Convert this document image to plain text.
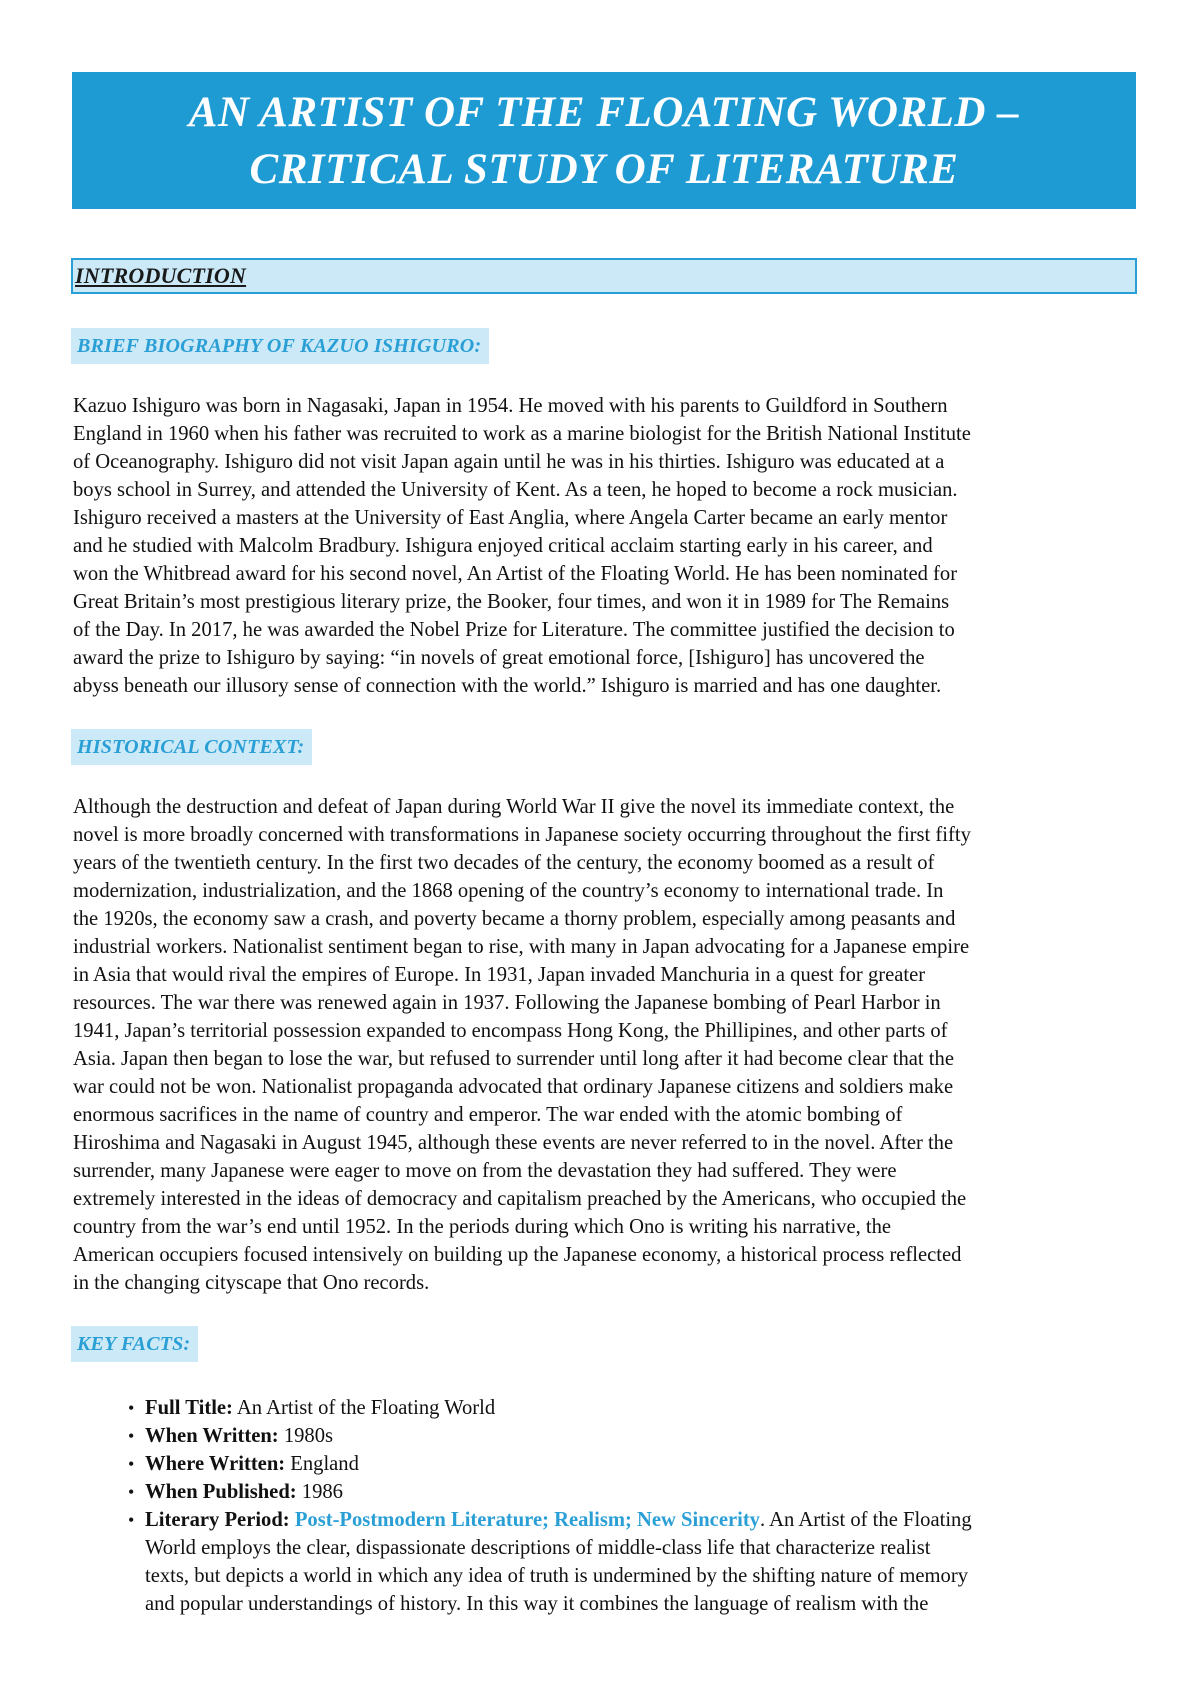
AN ARTIST OF THE FLOATING WORLD –
CRITICAL STUDY OF LITERATURE
INTRODUCTION
BRIEF BIOGRAPHY OF KAZUO ISHIGURO:
Kazuo Ishiguro was born in Nagasaki, Japan in 1954. He moved with his parents to Guildford in Southern
England in 1960 when his father was recruited to work as a marine biologist for the British National Institute
of Oceanography. Ishiguro did not visit Japan again until he was in his thirties. Ishiguro was educated at a
boys school in Surrey, and attended the University of Kent. As a teen, he hoped to become a rock musician.
Ishiguro received a masters at the University of East Anglia, where Angela Carter became an early mentor
and he studied with Malcolm Bradbury. Ishigura enjoyed critical acclaim starting early in his career, and
won the Whitbread award for his second novel, An Artist of the Floating World. He has been nominated for
Great Britain’s most prestigious literary prize, the Booker, four times, and won it in 1989 for The Remains
of the Day. In 2017, he was awarded the Nobel Prize for Literature. The committee justified the decision to
award the prize to Ishiguro by saying: “in novels of great emotional force, [Ishiguro] has uncovered the
abyss beneath our illusory sense of connection with the world.” Ishiguro is married and has one daughter.
HISTORICAL CONTEXT:
Although the destruction and defeat of Japan during World War II give the novel its immediate context, the
novel is more broadly concerned with transformations in Japanese society occurring throughout the first fifty
years of the twentieth century. In the first two decades of the century, the economy boomed as a result of
modernization, industrialization, and the 1868 opening of the country’s economy to international trade. In
the 1920s, the economy saw a crash, and poverty became a thorny problem, especially among peasants and
industrial workers. Nationalist sentiment began to rise, with many in Japan advocating for a Japanese empire
in Asia that would rival the empires of Europe. In 1931, Japan invaded Manchuria in a quest for greater
resources. The war there was renewed again in 1937. Following the Japanese bombing of Pearl Harbor in
1941, Japan’s territorial possession expanded to encompass Hong Kong, the Phillipines, and other parts of
Asia. Japan then began to lose the war, but refused to surrender until long after it had become clear that the
war could not be won. Nationalist propaganda advocated that ordinary Japanese citizens and soldiers make
enormous sacrifices in the name of country and emperor. The war ended with the atomic bombing of
Hiroshima and Nagasaki in August 1945, although these events are never referred to in the novel. After the
surrender, many Japanese were eager to move on from the devastation they had suffered. They were
extremely interested in the ideas of democracy and capitalism preached by the Americans, who occupied the
country from the war’s end until 1952. In the periods during which Ono is writing his narrative, the
American occupiers focused intensively on building up the Japanese economy, a historical process reflected
in the changing cityscape that Ono records.
KEY FACTS:
• Full Title: An Artist of the Floating World
• When Written: 1980s
• Where Written: England
• When Published: 1986
• Literary Period: Post-Postmodern Literature; Realism; New Sincerity. An Artist of the Floating
World employs the clear, dispassionate descriptions of middle-class life that characterize realist
texts, but depicts a world in which any idea of truth is undermined by the shifting nature of memory
and popular understandings of history. In this way it combines the language of realism with the
